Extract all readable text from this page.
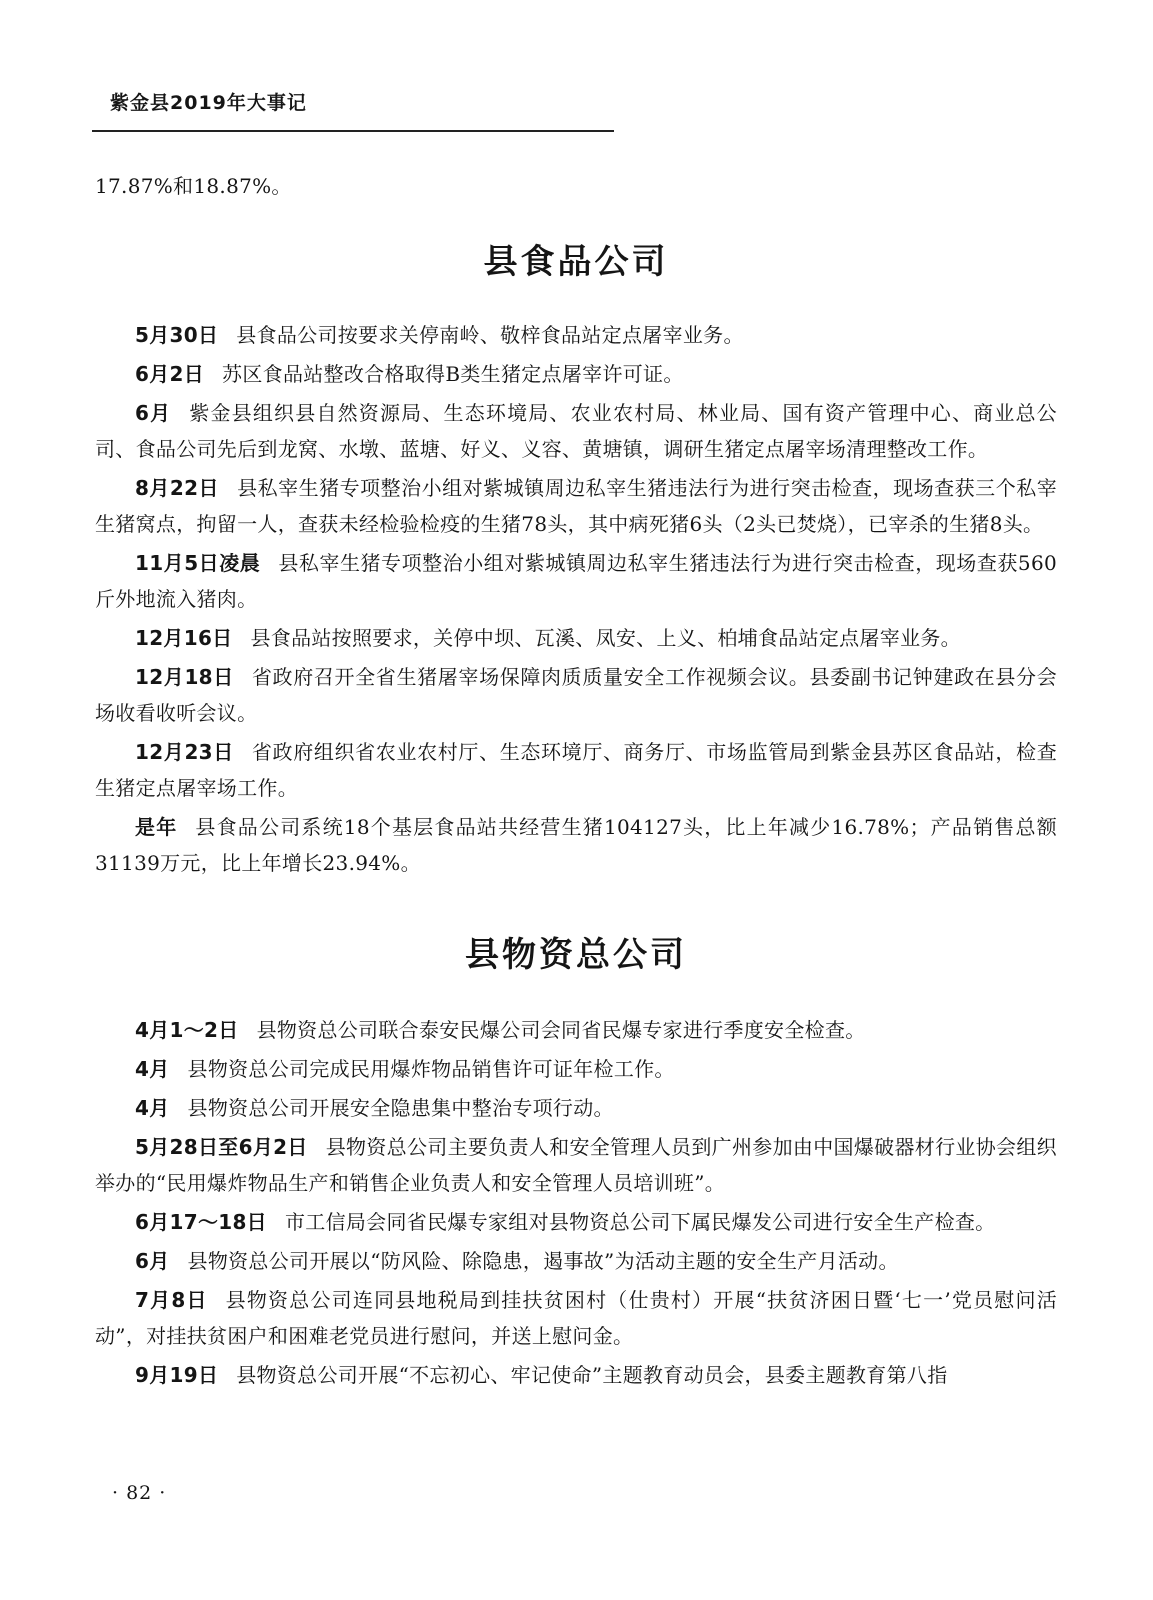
紫金县2019年大事记

17.87%和18.87%。

县食品公司

5月30日 县食品公司按要求关停南岭、敬梓食品站定点屠宰业务。

6月2日 苏区食品站整改合格取得B类生猪定点屠宰许可证。

6月 紫金县组织县自然资源局、生态环境局、农业农村局、林业局、国有资产管理中心、商业总公司、食品公司先后到龙窝、水墩、蓝塘、好义、义容、黄塘镇，调研生猪定点屠宰场清理整改工作。

8月22日 县私宰生猪专项整治小组对紫城镇周边私宰生猪违法行为进行突击检查，现场查获三个私宰生猪窝点，拘留一人，查获未经检验检疫的生猪78头，其中病死猪6头（2头已焚烧），已宰杀的生猪8头。

11月5日凌晨 县私宰生猪专项整治小组对紫城镇周边私宰生猪违法行为进行突击检查，现场查获560斤外地流入猪肉。

12月16日 县食品站按照要求，关停中坝、瓦溪、凤安、上义、柏埔食品站定点屠宰业务。

12月18日 省政府召开全省生猪屠宰场保障肉质质量安全工作视频会议。县委副书记钟建政在县分会场收看收听会议。

12月23日 省政府组织省农业农村厅、生态环境厅、商务厅、市场监管局到紫金县苏区食品站，检查生猪定点屠宰场工作。

是年 县食品公司系统18个基层食品站共经营生猪104127头，比上年减少16.78%；产品销售总额31139万元，比上年增长23.94%。

县物资总公司

4月1～2日 县物资总公司联合泰安民爆公司会同省民爆专家进行季度安全检查。

4月 县物资总公司完成民用爆炸物品销售许可证年检工作。

4月 县物资总公司开展安全隐患集中整治专项行动。

5月28日至6月2日 县物资总公司主要负责人和安全管理人员到广州参加由中国爆破器材行业协会组织举办的“民用爆炸物品生产和销售企业负责人和安全管理人员培训班”。

6月17～18日 市工信局会同省民爆专家组对县物资总公司下属民爆发公司进行安全生产检查。

6月 县物资总公司开展以“防风险、除隐患，遏事故”为活动主题的安全生产月活动。

7月8日 县物资总公司连同县地税局到挂扶贫困村（仕贵村）开展“扶贫济困日暨‘七一’党员慰问活动”，对挂扶贫困户和困难老党员进行慰问，并送上慰问金。

9月19日 县物资总公司开展“不忘初心、牢记使命”主题教育动员会，县委主题教育第八指

· 82 ·
